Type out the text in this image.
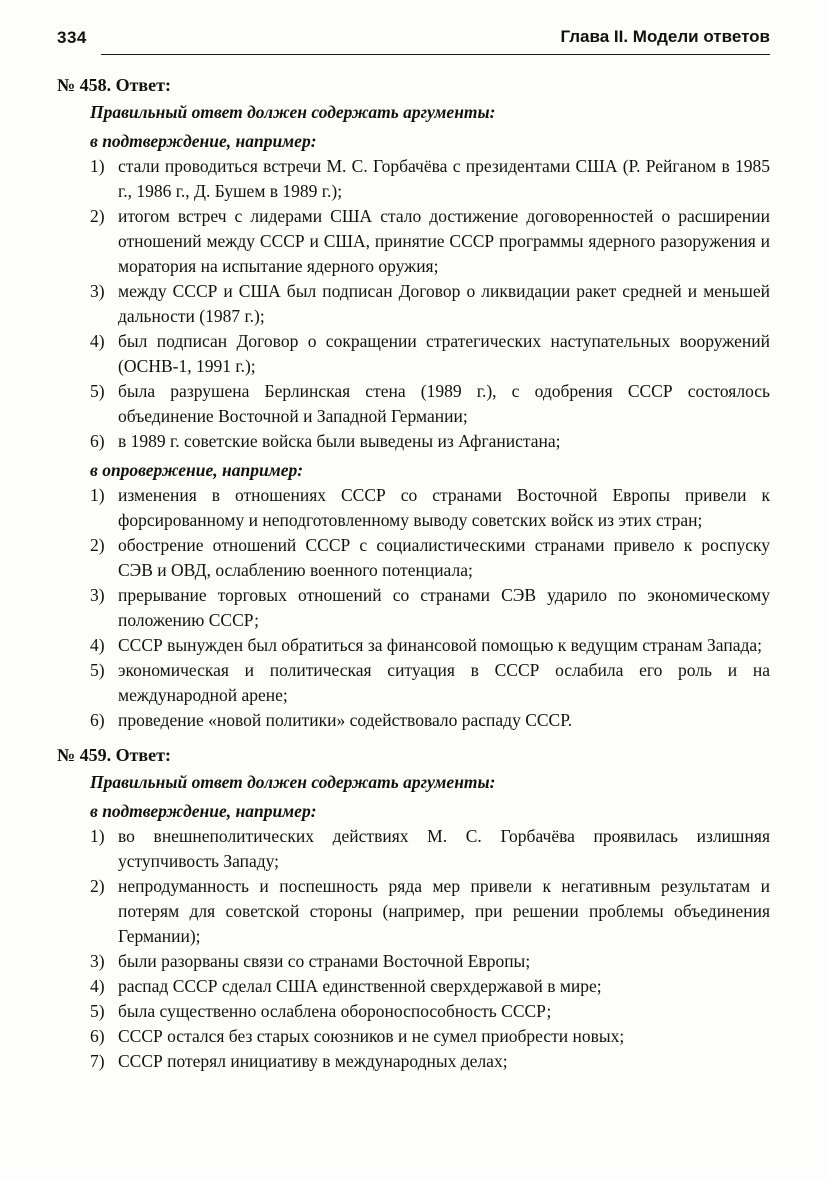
334	Глава II. Модели ответов
№ 458. Ответ:
Правильный ответ должен содержать аргументы:
в подтверждение, например:
1) стали проводиться встречи М. С. Горбачёва с президентами США (Р. Рейганом в 1985 г., 1986 г., Д. Бушем в 1989 г.);
2) итогом встреч с лидерами США стало достижение договоренностей о расширении отношений между СССР и США, принятие СССР программы ядерного разоружения и моратория на испытание ядерного оружия;
3) между СССР и США был подписан Договор о ликвидации ракет средней и меньшей дальности (1987 г.);
4) был подписан Договор о сокращении стратегических наступательных вооружений (ОСНВ-1, 1991 г.);
5) была разрушена Берлинская стена (1989 г.), с одобрения СССР состоялось объединение Восточной и Западной Германии;
6) в 1989 г. советские войска были выведены из Афганистана;
в опровержение, например:
1) изменения в отношениях СССР со странами Восточной Европы привели к форсированному и неподготовленному выводу советских войск из этих стран;
2) обострение отношений СССР с социалистическими странами привело к роспуску СЭВ и ОВД, ослаблению военного потенциала;
3) прерывание торговых отношений со странами СЭВ ударило по экономическому положению СССР;
4) СССР вынужден был обратиться за финансовой помощью к ведущим странам Запада;
5) экономическая и политическая ситуация в СССР ослабила его роль и на международной арене;
6) проведение «новой политики» содействовало распаду СССР.
№ 459. Ответ:
Правильный ответ должен содержать аргументы:
в подтверждение, например:
1) во внешнеполитических действиях М. С. Горбачёва проявилась излишняя уступчивость Западу;
2) непродуманность и поспешность ряда мер привели к негативным результатам и потерям для советской стороны (например, при решении проблемы объединения Германии);
3) были разорваны связи со странами Восточной Европы;
4) распад СССР сделал США единственной сверхдержавой в мире;
5) была существенно ослаблена обороноспособность СССР;
6) СССР остался без старых союзников и не сумел приобрести новых;
7) СССР потерял инициативу в международных делах;
